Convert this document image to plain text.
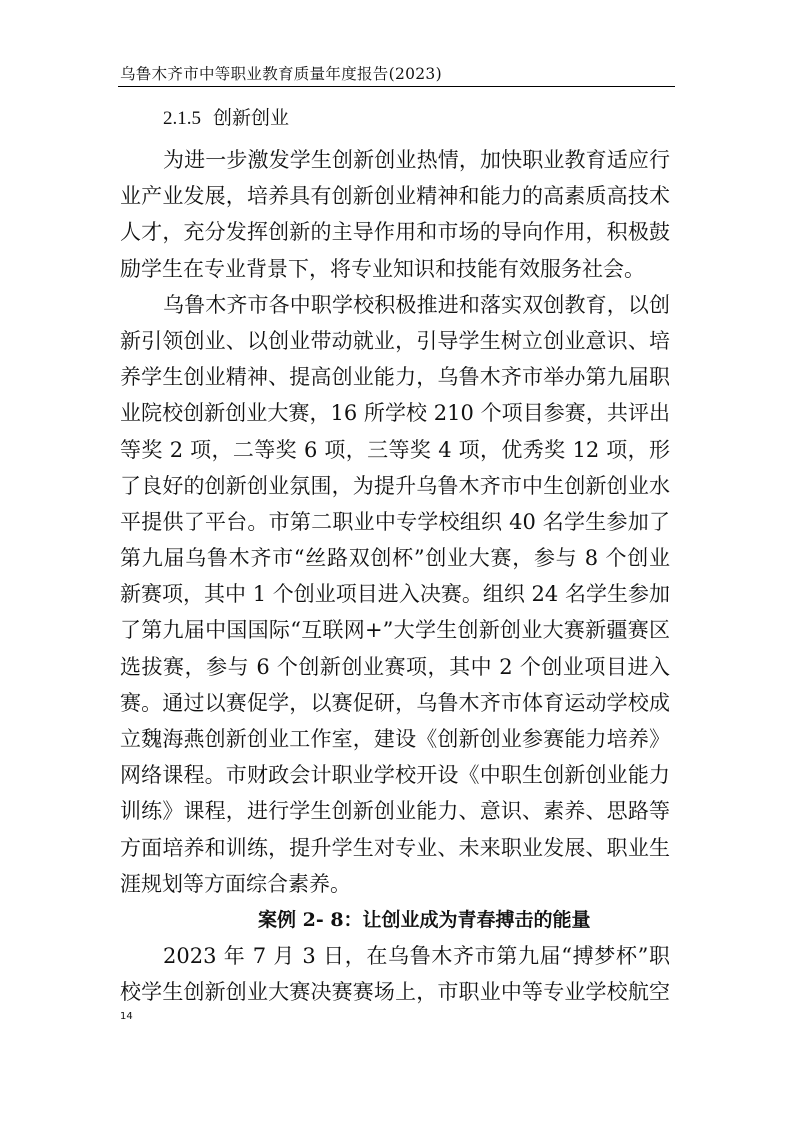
乌鲁木齐市中等职业教育质量年度报告(2023)
2.1.5 创新创业
为进一步激发学生创新创业热情，加快职业教育适应行
业产业发展，培养具有创新创业精神和能力的高素质高技术
人才，充分发挥创新的主导作用和市场的导向作用，积极鼓
励学生在专业背景下，将专业知识和技能有效服务社会。
乌鲁木齐市各中职学校积极推进和落实双创教育，以创
新引领创业、以创业带动就业，引导学生树立创业意识、培
养学生创业精神、提高创业能力，乌鲁木齐市举办第九届职
业院校创新创业大赛，16 所学校 210 个项目参赛，共评出
等奖 2 项，二等奖 6 项，三等奖 4 项，优秀奖 12 项，形
了良好的创新创业氛围，为提升乌鲁木齐市中生创新创业水
平提供了平台。市第二职业中专学校组织 40 名学生参加了
第九届乌鲁木齐市“丝路双创杯”创业大赛，参与 8 个创业
新赛项，其中 1 个创业项目进入决赛。组织 24 名学生参加
了第九届中国国际“互联网+”大学生创新创业大赛新疆赛区
选拔赛，参与 6 个创新创业赛项，其中 2 个创业项目进入
赛。通过以赛促学，以赛促研，乌鲁木齐市体育运动学校成
立魏海燕创新创业工作室，建设《创新创业参赛能力培养》
网络课程。市财政会计职业学校开设《中职生创新创业能力
训练》课程，进行学生创新创业能力、意识、素养、思路等
方面培养和训练，提升学生对专业、未来职业发展、职业生
涯规划等方面综合素养。
案例 2- 8：让创业成为青春搏击的能量
2023 年 7 月 3 日，在乌鲁木齐市第九届“搏梦杯”职
校学生创新创业大赛决赛赛场上，市职业中等专业学校航空
14
